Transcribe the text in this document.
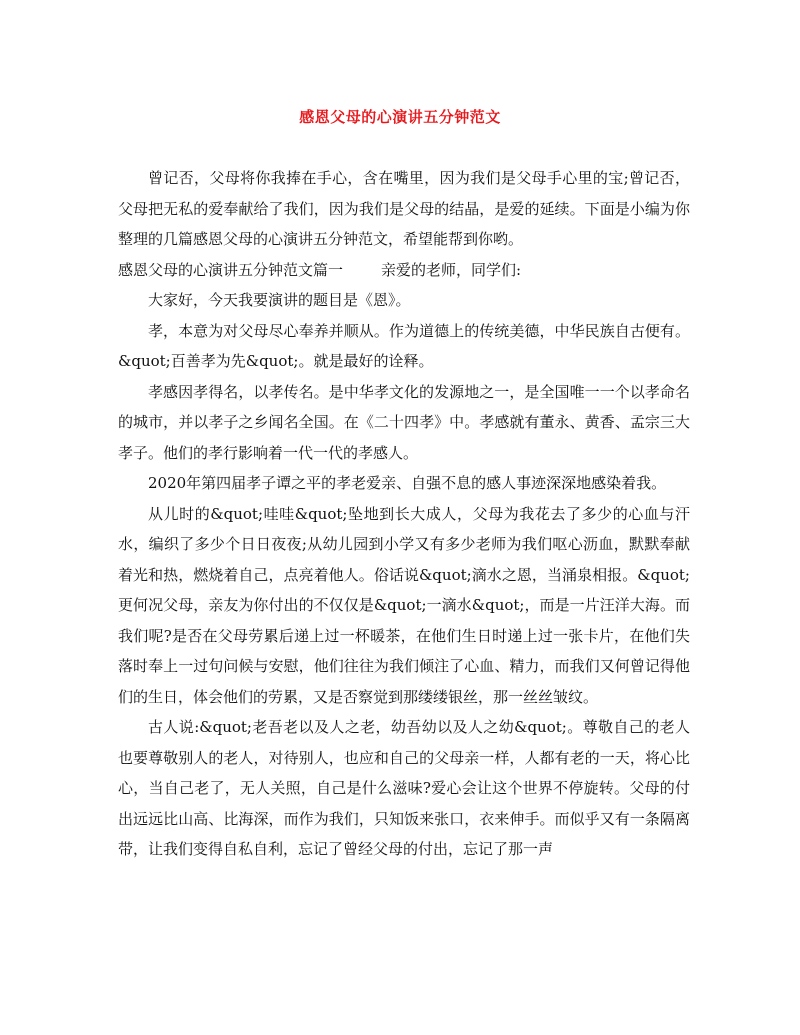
感恩父母的心演讲五分钟范文

曾记否，父母将你我捧在手心，含在嘴里，因为我们是父母手心里的宝;曾记否，父母把无私的爱奉献给了我们，因为我们是父母的结晶，是爱的延续。下面是小编为你整理的几篇感恩父母的心演讲五分钟范文，希望能帮到你哟。

感恩父母的心演讲五分钟范文篇一	亲爱的老师，同学们:

大家好，今天我要演讲的题目是《恩》。

孝，本意为对父母尽心奉养并顺从。作为道德上的传统美德，中华民族自古便有。&quot;百善孝为先&quot;。就是最好的诠释。

孝感因孝得名，以孝传名。是中华孝文化的发源地之一，是全国唯一一个以孝命名的城市，并以孝子之乡闻名全国。在《二十四孝》中。孝感就有董永、黄香、孟宗三大孝子。他们的孝行影响着一代一代的孝感人。

2020年第四届孝子谭之平的孝老爱亲、自强不息的感人事迹深深地感染着我。

从儿时的&quot;哇哇&quot;坠地到长大成人，父母为我花去了多少的心血与汗水，编织了多少个日日夜夜;从幼儿园到小学又有多少老师为我们呕心沥血，默默奉献着光和热，燃烧着自己，点亮着他人。俗话说&quot;滴水之恩，当涌泉相报。&quot;更何况父母，亲友为你付出的不仅仅是&quot;一滴水&quot;，而是一片汪洋大海。而我们呢?是否在父母劳累后递上过一杯暖茶，在他们生日时递上过一张卡片，在他们失落时奉上一过句问候与安慰，他们往往为我们倾注了心血、精力，而我们又何曾记得他们的生日，体会他们的劳累，又是否察觉到那缕缕银丝，那一丝丝皱纹。

古人说:&quot;老吾老以及人之老，幼吾幼以及人之幼&quot;。尊敬自己的老人也要尊敬别人的老人，对待别人，也应和自己的父母亲一样，人都有老的一天，将心比心，当自己老了，无人关照，自己是什么滋味?爱心会让这个世界不停旋转。父母的付出远远比山高、比海深，而作为我们，只知饭来张口，衣来伸手。而似乎又有一条隔离带，让我们变得自私自利，忘记了曾经父母的付出，忘记了那一声
